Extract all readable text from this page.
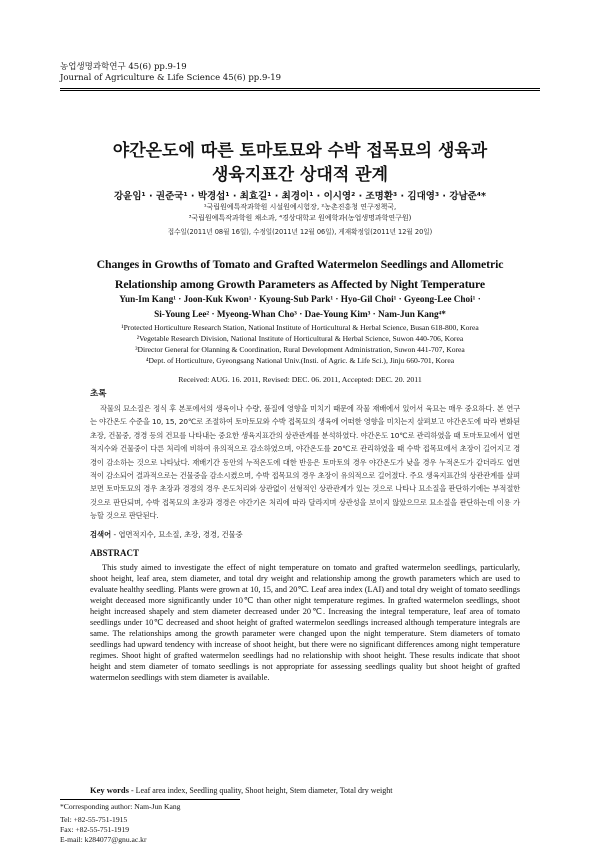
농업생명과학연구 45(6) pp.9-19
Journal of Agriculture & Life Science 45(6) pp.9-19
야간온도에 따른 토마토묘와 수박 접목묘의 생육과
생육지표간 상대적 관계
강윤임¹ · 권준국¹ · 박경섭¹ · 최효길¹ · 최경이¹ · 이시영² · 조명환³ · 김대영³ · 강남준⁴*
¹국립원예특작과학원 시설원예시험장, ²농촌진흥청 연구정책국,
³국립원예특작과학원 채소과, ⁴경상대학교 원예학과(농업생명과학연구원)
접수일(2011년 08월 16일), 수정일(2011년 12월 06일), 게재확정일(2011년 12월 20일)
Changes in Growths of Tomato and Grafted Watermelon Seedlings and Allometric
Relationship among Growth Parameters as Affected by Night Temperature
Yun-Im Kang¹ · Joon-Kuk Kwon¹ · Kyoung-Sub Park¹ · Hyo-Gil Choi¹ · Gyeong-Lee Choi¹ ·
Si-Young Lee² · Myeong-Whan Cho³ · Dae-Young Kim³ · Nam-Jun Kang⁴*
¹Protected Horticulture Research Station, National Institute of Horticultural & Herbal Science, Busan 618-800, Korea
²Vegetable Research Division, National Institute of Horticultural & Herbal Science, Suwon 440-706, Korea
³Director General for Olanning & Coordination, Rural Development Administration, Suwon 441-707, Korea
⁴Dept. of Horticulture, Gyeongsang National Univ.(Insti. of Agric. & Life Sci.), Jinju 660-701, Korea
Received: AUG. 16. 2011, Revised: DEC. 06. 2011, Accepted: DEC. 20. 2011
초록

작물의 묘소질은 정식 후 본포에서의 생육이나 수량, 품질에 영향을 미치기 때문에 작물 재배에서 있어서 육묘는 매우 중요하다. 본 연구는 야간온도 수준을 10, 15, 20℃로 조절하여 토마토묘와 수박 접목묘의 생육에 어떠한 영향을 미치는지 살펴보고 야간온도에 따라 변화된 초장, 건물중, 경경 등의 건묘를 나타내는 중요한 생육지표간의 상관관계를 분석하였다. 야간온도 10℃로 관리하였을 때 토마토묘에서 엽면적지수와 건물중이 다른 처리에 비하여 유의적으로 감소하였으며, 야간온도를 20℃로 관리하였을 때 수박 접목묘에서 초장이 길어지고 경경이 감소하는 것으로 나타났다. 재배기간 동안의 누적온도에 대한 반응은 토마토의 경우 야간온도가 낮을 경우 누적온도가 같더라도 엽면적이 감소되어 결과적으로는 건물중을 감소시켰으며, 수박 접목묘의 경우 초장이 유의적으로 길어졌다. 주요 생육지표간의 상관관계를 살펴보면 토마토묘의 경우 초장과 경경의 경우 온도처리와 상관없이 선형적인 상관관계가 있는 것으로 나타나 묘소질을 판단하기에는 부적절한 것으로 판단되며, 수박 접목묘의 초장과 경경은 야간기온 처리에 따라 달라지며 상관성을 보이지 않았으므로 묘소질을 판단하는데 이용 가능할 것으로 판단된다.

검색어 - 엽면적지수, 묘소질, 초장, 경경, 건물중
ABSTRACT

This study aimed to investigate the effect of night temperature on tomato and grafted watermelon seedlings, particularly, shoot height, leaf area, stem diameter, and total dry weight and relationship among the growth parameters which are used to evaluate healthy seedling. Plants were grown at 10, 15, and 20℃. Leaf area index (LAI) and total dry weight of tomato seedlings weight deceased more significantly under 10℃ than other night temperature regimes. In grafted watermelon seedlings, shoot height increased shapely and stem diameter decreased under 20℃. Increasing the integral temperature, leaf area of tomato seedlings under 10℃ decreased and shoot height of grafted watermelon seedlings increased although temperature integrals are same. The relationships among the growth parameter were changed upon the night temperature. Stem diameters of tomato seedlings had upward tendency with increase of shoot height, but there were no significant differences among night temperature regimes. Shoot hight of grafted watermelon seedlings had no relationship with shoot height. These results indicate that shoot height and stem diameter of tomato seedlings is not appropriate for assessing seedlings quality but shoot height of grafted watermelon seedlings with stem diameter is available.

Key words - Leaf area index, Seedling quality, Shoot height, Stem diameter, Total dry weight
*Corresponding author: Nam-Jun Kang
Tel: +82-55-751-1915
Fax: +82-55-751-1919
E-mail: k284077@gnu.ac.kr
